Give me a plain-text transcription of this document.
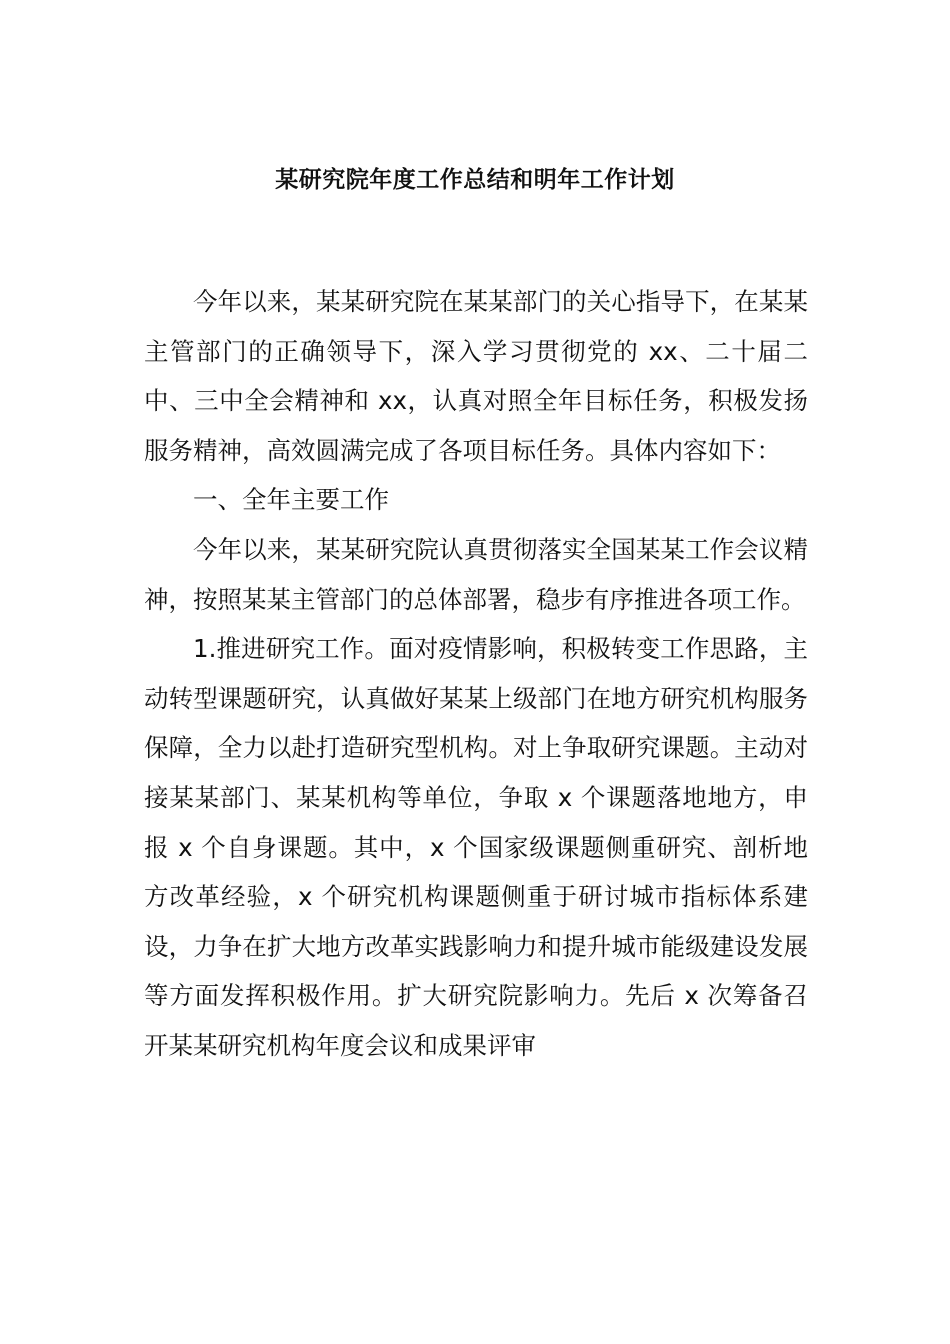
某研究院年度工作总结和明年工作计划

今年以来，某某研究院在某某部门的关心指导下，在某某主管部门的正确领导下，深入学习贯彻党的 xx、二十届二中、三中全会精神和 xx，认真对照全年目标任务，积极发扬服务精神，高效圆满完成了各项目标任务。具体内容如下：

一、全年主要工作

今年以来，某某研究院认真贯彻落实全国某某工作会议精神，按照某某主管部门的总体部署，稳步有序推进各项工作。

1.推进研究工作。面对疫情影响，积极转变工作思路，主动转型课题研究，认真做好某某上级部门在地方研究机构服务保障，全力以赴打造研究型机构。对上争取研究课题。主动对接某某部门、某某机构等单位，争取 x 个课题落地地方，申报 x 个自身课题。其中，x 个国家级课题侧重研究、剖析地方改革经验，x 个研究机构课题侧重于研讨城市指标体系建设，力争在扩大地方改革实践影响力和提升城市能级建设发展等方面发挥积极作用。扩大研究院影响力。先后 x 次筹备召开某某研究机构年度会议和成果评审
